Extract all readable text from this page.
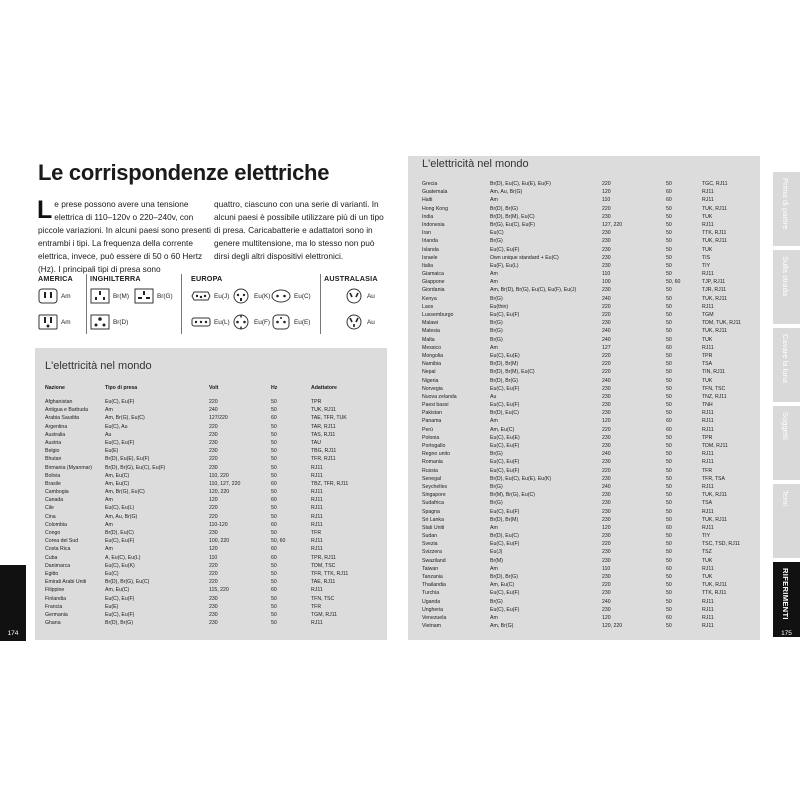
Le corrispondenze elettriche

Le prese possono avere una tensione elettrica di 110–120v o 220–240v, con piccole variazioni. In alcuni paesi sono presenti entrambi i tipi. La frequenza della corrente elettrica, invece, può essere di 50 o 60 Hertz (Hz). I principali tipi di presa sono

quattro, ciascuno con una serie di varianti. In alcuni paesi è possibile utilizzare più di un tipo di presa. Caricabatterie e adattatori sono in genere multitensione, ma lo stesso non può dirsi degli altri dispositivi elettronici.

AMERICA	INGHILTERRA	EUROPA	AUSTRALASIA
Am
Am
Br(M)	Br(G)
Br(D)
Eu(J)	Eu(K)	Eu(C)
Eu(L)	Eu(F)	Eu(E)
Au
Au
L'elettricità nel mondo
Nazione	Tipo di presa	Volt	Hz	Adattatore
Afghanistan	Eu(C), Eu(F)	220	50	TPR
Antigua e Barbuda	Am	240	50	TUK, RJ11
Arabia Saudita	Am, Br(G), Eu(C)	127/220	60	TAE, TFR, TUK
Argentina	Eu(C), Au	220	50	TAR, RJ11
Australia	Au	230	50	TAS, RJ11
Austria	Eu(C), Eu(F)	230	50	TAU
Belgio	Eu(E)	230	50	TBG, RJ11
Bhutan	Br(D), Eu(E), Eu(F)	220	50	TFR, RJ11
Birmania (Myanmar)	Br(D), Br(G), Eu(C), Eu(F)	230	50	RJ11
Bolivia	Am, Eu(C)	110, 220	50	RJ11
Brasile	Am, Eu(C)	110, 127, 220	60	TBZ, TFR, RJ11
Cambogia	Am, Br(G), Eu(C)	120, 220	50	RJ11
Canada	Am	120	60	RJ11
Cile	Eu(C), Eu(L)	220	50	RJ11
Cina	Am, Au, Br(G)	220	50	RJ11
Colombia	Am	110-120	60	RJ11
Congo	Br(D), Eu(C)	230	50	TFR
Corea del Sud	Eu(C), Eu(F)	100, 220	50, 60	RJ11
Costa Rica	Am	120	60	RJ11
Cuba	A, Eu(C), Eu(L)	110	60	TPR, RJ11
Danimarca	Eu(C), Eu(K)	220	50	TDM, TSC
Egitto	Eu(C)	220	50	TFR, TTK, RJ11
Emirati Arabi Uniti	Br(D), Br(G), Eu(C)	220	50	TAE, RJ11
Filippine	Am, Eu(C)	115, 220	60	RJ11
Finlandia	Eu(C), Eu(F)	230	50	TFN, TSC
Francia	Eu(E)	230	50	TFR
Germania	Eu(C), Eu(F)	230	50	TGM, RJ11
Ghana	Br(D), Br(G)	230	50	RJ11
174
L'elettricità nel mondo
Grecia	Br(D), Eu(C), Eu(E), Eu(F)	220	50	TGC, RJ11
Guatemala	Am, Au, Br(G)	120	60	RJ11
Haiti	Am	110	60	RJ11
Hong Kong	Br(D), Br(G)	220	50	TUK, RJ11
India	Br(D), Br(M), Eu(C)	230	50	TUK
Indonesia	Br(G), Eu(C), Eu(F)	127, 220	50	RJ11
Iran	Eu(C)	230	50	TTK, RJ11
Irlanda	Br(G)	230	50	TUK, RJ11
Islanda	Eu(C), Eu(F)	230	50	TUK
Israele	Own unique standard + Eu(C)	230	50	TIS
Italia	Eu(F), Eu(L)	230	50	TIY
Giamaica	Am	110	50	RJ11
Giappone	Am	100	50, 60	TJP, RJ11
Giordania	Am, Br(D), Br(G), Eu(C), Eu(F), Eu(J)	230	50	TJR, RJ11
Kenya	Br(G)	240	50	TUK, RJ11
Laos	Eu(thin)	220	50	RJ11
Lussemburgo	Eu(C), Eu(F)	220	50	TGM
Malawi	Br(G)	230	50	TDM, TUK, RJ11
Malesia	Br(G)	240	50	TUK, RJ11
Malta	Br(G)	240	50	TUK
Messico	Am	127	60	RJ11
Mongolia	Eu(C), Eu(E)	220	50	TPR
Namibia	Br(D), Br(M)	220	50	TSA
Nepal	Br(D), Br(M), Eu(C)	220	50	TIN, RJ11
Nigeria	Br(D), Br(G)	240	50	TUK
Norvegia	Eu(C), Eu(F)	230	50	TFN, TSC
Nuova zelanda	Au	230	50	TNZ, RJ11
Paesi bassi	Eu(C), Eu(F)	230	50	TNH
Pakistan	Br(D), Eu(C)	230	50	RJ11
Panama	Am	120	60	RJ11
Perù	Am, Eu(C)	220	60	RJ11
Polonia	Eu(C), Eu(E)	230	50	TPR
Portogallo	Eu(C), Eu(F)	230	50	TDM, RJ11
Regno unito	Br(G)	240	50	RJ11
Romania	Eu(C), Eu(F)	230	50	RJ11
Russia	Eu(C), Eu(F)	220	50	TFR
Senegal	Br(D), Eu(C), Eu(E), Eu(K)	230	50	TFR, TSA
Seychelles	Br(G)	240	50	RJ11
Singapore	Br(M), Br(G), Eu(C)	230	50	TUK, RJ11
Sudafrica	Br(G)	230	50	TSA
Spagna	Eu(C), Eu(F)	230	50	RJ11
Sri Lanka	Br(D), Br(M)	230	50	TUK, RJ11
Stati Uniti	Am	120	60	RJ11
Sudan	Br(D), Eu(C)	230	50	TIY
Svezia	Eu(C), Eu(F)	220	50	TSC, TSD, RJ11
Svizzera	Eu(J)	230	50	TSZ
Swaziland	Br(M)	230	50	TUK
Taiwan	Am	110	60	RJ11
Tanzania	Br(D), Br(G)	230	50	TUK
Thailandia	Am, Eu(C)	220	50	TUK, RJ11
Turchia	Eu(C), Eu(F)	230	50	TTK, RJ11
Uganda	Br(G)	240	50	RJ11
Ungheria	Eu(C), Eu(F)	230	50	RJ11
Venezuela	Am	120	60	RJ11
Vietnam	Am, Br(G)	120, 220	50	RJ11
Prima di partire
Sulla strada
Cavare la luna
Soggetti
Temi
RIFERIMENTI
175
